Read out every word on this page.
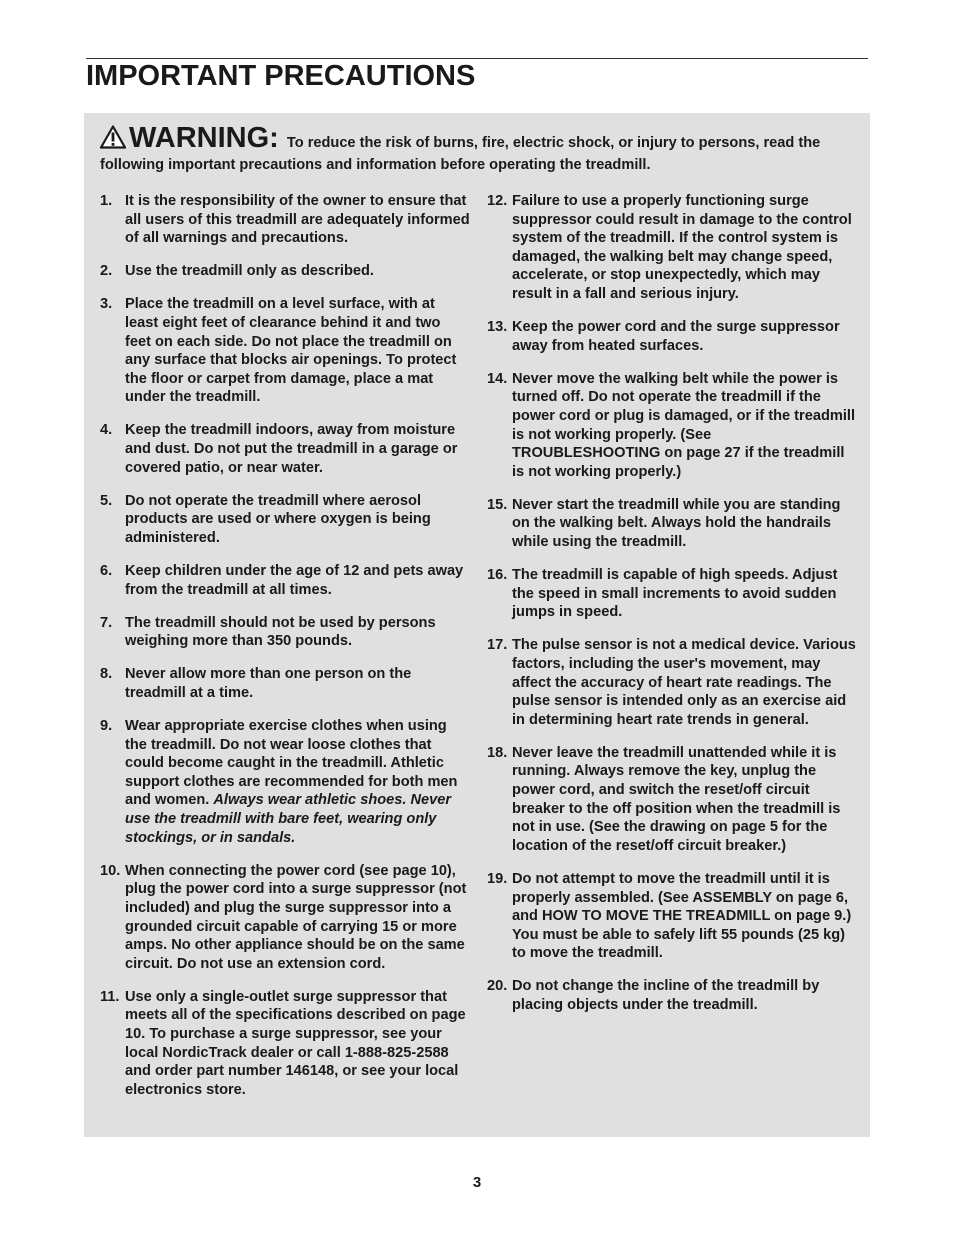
IMPORTANT PRECAUTIONS
WARNING: To reduce the risk of burns, fire, electric shock, or injury to persons, read the following important precautions and information before operating the treadmill.
1. It is the responsibility of the owner to ensure that all users of this treadmill are adequately informed of all warnings and precautions.
2. Use the treadmill only as described.
3. Place the treadmill on a level surface, with at least eight feet of clearance behind it and two feet on each side. Do not place the treadmill on any surface that blocks air openings. To protect the floor or carpet from damage, place a mat under the treadmill.
4. Keep the treadmill indoors, away from moisture and dust. Do not put the treadmill in a garage or covered patio, or near water.
5. Do not operate the treadmill where aerosol products are used or where oxygen is being administered.
6. Keep children under the age of 12 and pets away from the treadmill at all times.
7. The treadmill should not be used by persons weighing more than 350 pounds.
8. Never allow more than one person on the treadmill at a time.
9. Wear appropriate exercise clothes when using the treadmill. Do not wear loose clothes that could become caught in the treadmill. Athletic support clothes are recommended for both men and women. Always wear athletic shoes. Never use the treadmill with bare feet, wearing only stockings, or in sandals.
10. When connecting the power cord (see page 10), plug the power cord into a surge suppressor (not included) and plug the surge suppressor into a grounded circuit capable of carrying 15 or more amps. No other appliance should be on the same circuit. Do not use an extension cord.
11. Use only a single-outlet surge suppressor that meets all of the specifications described on page 10. To purchase a surge suppressor, see your local NordicTrack dealer or call 1-888-825-2588 and order part number 146148, or see your local electronics store.
12. Failure to use a properly functioning surge suppressor could result in damage to the control system of the treadmill. If the control system is damaged, the walking belt may change speed, accelerate, or stop unexpectedly, which may result in a fall and serious injury.
13. Keep the power cord and the surge suppressor away from heated surfaces.
14. Never move the walking belt while the power is turned off. Do not operate the treadmill if the power cord or plug is damaged, or if the treadmill is not working properly. (See TROUBLESHOOTING on page 27 if the treadmill is not working properly.)
15. Never start the treadmill while you are standing on the walking belt. Always hold the handrails while using the treadmill.
16. The treadmill is capable of high speeds. Adjust the speed in small increments to avoid sudden jumps in speed.
17. The pulse sensor is not a medical device. Various factors, including the user's movement, may affect the accuracy of heart rate readings. The pulse sensor is intended only as an exercise aid in determining heart rate trends in general.
18. Never leave the treadmill unattended while it is running. Always remove the key, unplug the power cord, and switch the reset/off circuit breaker to the off position when the treadmill is not in use. (See the drawing on page 5 for the location of the reset/off circuit breaker.)
19. Do not attempt to move the treadmill until it is properly assembled. (See ASSEMBLY on page 6, and HOW TO MOVE THE TREADMILL on page 9.) You must be able to safely lift 55 pounds (25 kg) to move the treadmill.
20. Do not change the incline of the treadmill by placing objects under the treadmill.
3
